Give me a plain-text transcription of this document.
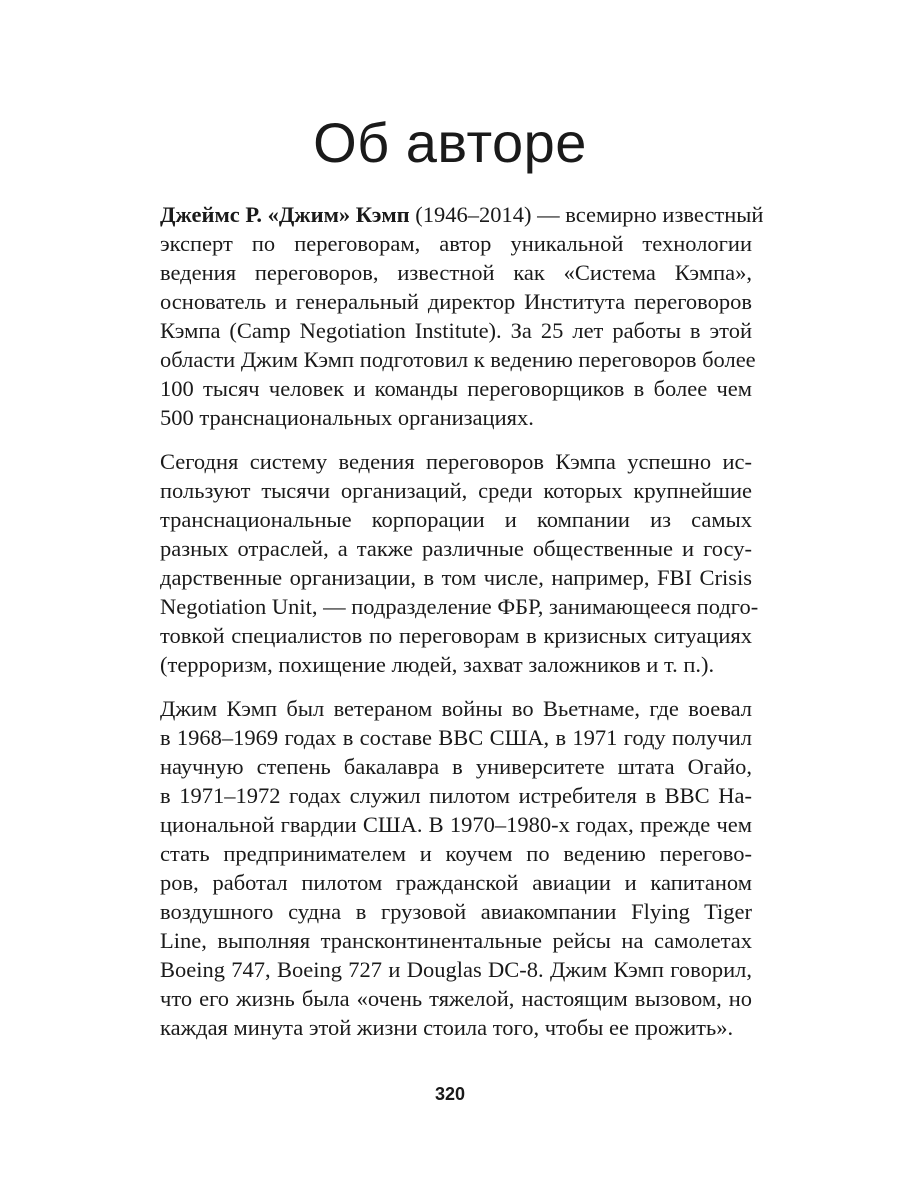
Об авторе
Джеймс Р. «Джим» Кэмп (1946–2014) — всемирно известный
эксперт по переговорам, автор уникальной технологии
ведения переговоров, известной как «Система Кэмпа»,
основатель и генеральный директор Института переговоров
Кэмпа (Camp Negotiation Institute). За 25 лет работы в этой
области Джим Кэмп подготовил к ведению переговоров более
100 тысяч человек и команды переговорщиков в более чем
500 транснациональных организациях.
Сегодня систему ведения переговоров Кэмпа успешно ис-
пользуют тысячи организаций, среди которых крупнейшие
транснациональные корпорации и компании из самых
разных отраслей, а также различные общественные и госу-
дарственные организации, в том числе, например, FBI Crisis
Negotiation Unit, — подразделение ФБР, занимающееся подго-
товкой специалистов по переговорам в кризисных ситуациях
(терроризм, похищение людей, захват заложников и т. п.).
Джим Кэмп был ветераном войны во Вьетнаме, где воевал
в 1968–1969 годах в составе ВВС США, в 1971 году получил
научную степень бакалавра в университете штата Огайо,
в 1971–1972 годах служил пилотом истребителя в ВВС На-
циональной гвардии США. В 1970–1980-х годах, прежде чем
стать предпринимателем и коучем по ведению перегово-
ров, работал пилотом гражданской авиации и капитаном
воздушного судна в грузовой авиакомпании Flying Tiger
Line, выполняя трансконтинентальные рейсы на самолетах
Boeing 747, Boeing 727 и Douglas DC-8. Джим Кэмп говорил,
что его жизнь была «очень тяжелой, настоящим вызовом, но
каждая минута этой жизни стоила того, чтобы ее прожить».
320
